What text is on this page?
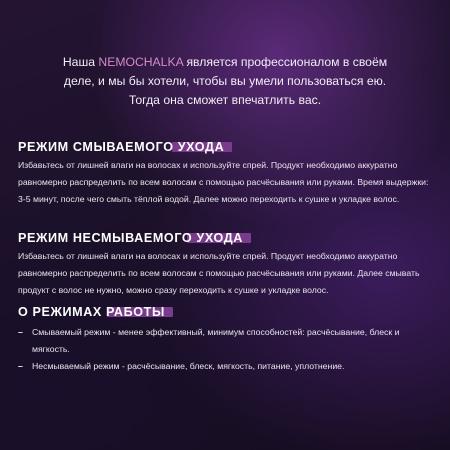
Наша NEMOCHALKA является профессионалом в своём
деле, и мы бы хотели, чтобы вы умели пользоваться ею.
Тогда она сможет впечатлить вас.
РЕЖИМ СМЫВАЕМОГО УХОДА
Избавьтесь от лишней влаги на волосах и используйте спрей. Продукт необходимо аккуратно равномерно распределить по всем волосам с помощью расчёсывания или руками. Время выдержки: 3-5 минут, после чего смыть тёплой водой. Далее можно переходить к сушке и укладке волос.
РЕЖИМ НЕСМЫВАЕМОГО УХОДА
Избавьтесь от лишней влаги на волосах и используйте спрей. Продукт необходимо аккуратно равномерно распределить по всем волосам с помощью расчёсывания или руками. Далее смывать продукт с волос не нужно, можно сразу переходить к сушке и укладке волос.
О РЕЖИМАХ РАБОТЫ
– Смываемый режим - менее эффективный, минимум способностей: расчёсывание, блеск и мягкость.
– Несмываемый режим - расчёсывание, блеск, мягкость, питание, уплотнение.
